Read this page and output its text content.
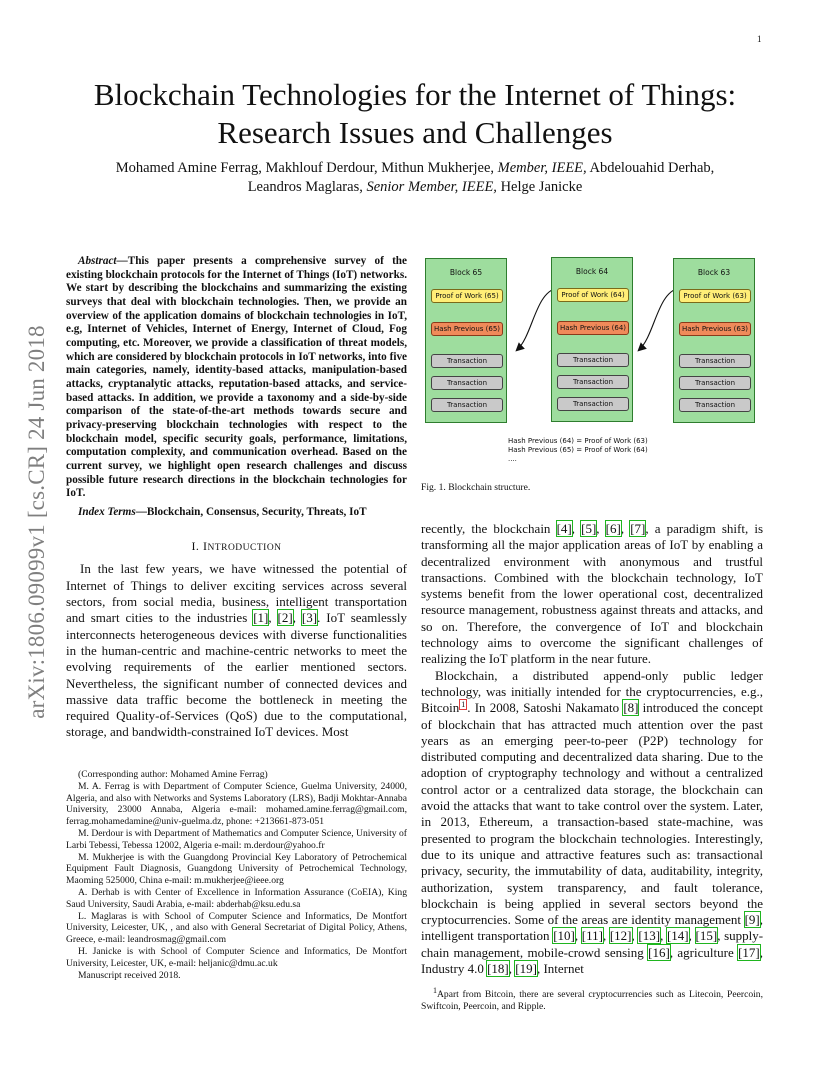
1
arXiv:1806.09099v1 [cs.CR] 24 Jun 2018
Blockchain Technologies for the Internet of Things:
Research Issues and Challenges
Mohamed Amine Ferrag, Makhlouf Derdour, Mithun Mukherjee, Member, IEEE, Abdelouahid Derhab,
Leandros Maglaras, Senior Member, IEEE, Helge Janicke

Abstract—This paper presents a comprehensive survey of the existing blockchain protocols for the Internet of Things (IoT) networks. We start by describing the blockchains and summarizing the existing surveys that deal with blockchain technologies. Then, we provide an overview of the application domains of blockchain technologies in IoT, e.g, Internet of Vehicles, Internet of Energy, Internet of Cloud, Fog computing, etc. Moreover, we provide a classification of threat models, which are considered by blockchain protocols in IoT networks, into five main categories, namely, identity-based attacks, manipulation-based attacks, cryptanalytic attacks, reputation-based attacks, and service-based attacks. In addition, we provide a taxonomy and a side-by-side comparison of the state-of-the-art methods towards secure and privacy-preserving blockchain technologies with respect to the blockchain model, specific security goals, performance, limitations, computation complexity, and communication overhead. Based on the current survey, we highlight open research challenges and discuss possible future research directions in the blockchain technologies for IoT.

Index Terms—Blockchain, Consensus, Security, Threats, IoT
I. INTRODUCTION

In the last few years, we have witnessed the potential of Internet of Things to deliver exciting services across several sectors, from social media, business, intelligent transportation and smart cities to the industries [1], [2], [3]. IoT seamlessly interconnects heterogeneous devices with diverse functionalities in the human-centric and machine-centric networks to meet the evolving requirements of the earlier mentioned sectors. Nevertheless, the significant number of connected devices and massive data traffic become the bottleneck in meeting the required Quality-of-Services (QoS) due to the computational, storage, and bandwidth-constrained IoT devices. Most

(Corresponding author: Mohamed Amine Ferrag)

M. A. Ferrag is with Department of Computer Science, Guelma University, 24000, Algeria, and also with Networks and Systems Laboratory (LRS), Badji Mokhtar-Annaba University, 23000 Annaba, Algeria e-mail: mohamed.amine.ferrag@gmail.com, ferrag.mohamedamine@univ-guelma.dz, phone: +213661-873-051

M. Derdour is with Department of Mathematics and Computer Science, University of Larbi Tebessi, Tebessa 12002, Algeria e-mail: m.derdour@yahoo.fr

M. Mukherjee is with the Guangdong Provincial Key Laboratory of Petrochemical Equipment Fault Diagnosis, Guangdong University of Petrochemical Technology, Maoming 525000, China e-mail: m.mukherjee@ieee.org

A. Derhab is with Center of Excellence in Information Assurance (CoEIA), King Saud University, Saudi Arabia, e-mail: abderhab@ksu.edu.sa

L. Maglaras is with School of Computer Science and Informatics, De Montfort University, Leicester, UK, , and also with General Secretariat of Digital Policy, Athens, Greece, e-mail: leandrosmag@gmail.com

H. Janicke is with School of Computer Science and Informatics, De Montfort University, Leicester, UK, e-mail: heljanic@dmu.ac.uk

Manuscript received 2018.

Block 65
Proof of Work (65)
Hash Previous (65)
Transaction
Transaction
Transaction
Block 64
Proof of Work (64)
Hash Previous (64)
Transaction
Transaction
Transaction
Block 63
Proof of Work (63)
Hash Previous (63)
Transaction
Transaction
Transaction
Hash Previous (64) = Proof of Work (63)
Hash Previous (65) = Proof of Work (64)
....
Fig. 1. Blockchain structure.

recently, the blockchain [4], [5], [6], [7], a paradigm shift, is transforming all the major application areas of IoT by enabling a decentralized environment with anonymous and trustful transactions. Combined with the blockchain technology, IoT systems benefit from the lower operational cost, decentralized resource management, robustness against threats and attacks, and so on. Therefore, the convergence of IoT and blockchain technology aims to overcome the significant challenges of realizing the IoT platform in the near future.

Blockchain, a distributed append-only public ledger technology, was initially intended for the cryptocurrencies, e.g., Bitcoin $^1$ . In 2008, Satoshi Nakamato [8] introduced the concept of blockchain that has attracted much attention over the past years as an emerging peer-to-peer (P2P) technology for distributed computing and decentralized data sharing. Due to the adoption of cryptography technology and without a centralized control actor or a centralized data storage, the blockchain can avoid the attacks that want to take control over the system. Later, in 2013, Ethereum, a transaction-based state-machine, was presented to program the blockchain technologies. Interestingly, due to its unique and attractive features such as: transactional privacy, security, the immutability of data, auditability, integrity, authorization, system transparency, and fault tolerance, blockchain is being applied in several sectors beyond the cryptocurrencies. Some of the areas are identity management [9], intelligent transportation [10], [11], [12], [13], [14], [15], supply-chain management, mobile-crowd sensing [16], agriculture [17], Industry 4.0 [18], [19], Internet

$^1$Apart from Bitcoin, there are several cryptocurrencies such as Litecoin, Peercoin, Swiftcoin, Peercoin, and Ripple.
